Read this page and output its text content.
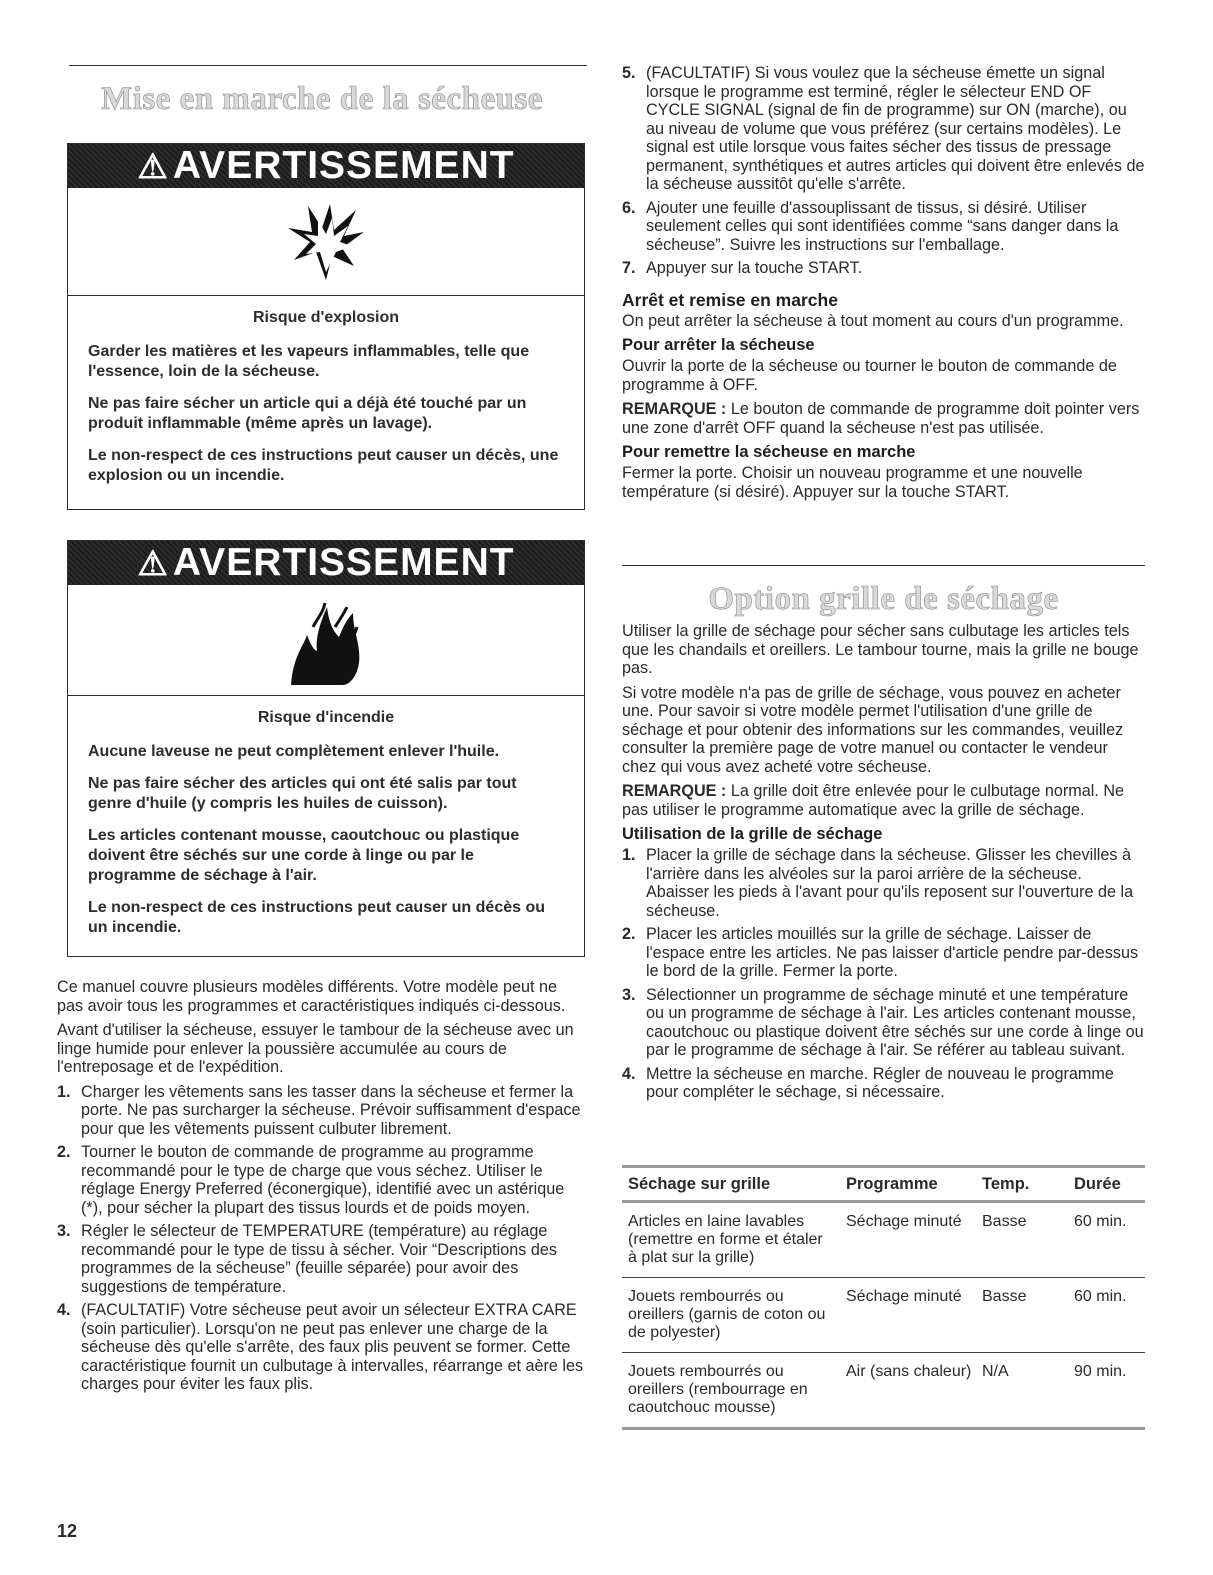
Mise en marche de la sécheuse
⚠ AVERTISSEMENT

Risque d'explosion

Garder les matières et les vapeurs inflammables, telle que l'essence, loin de la sécheuse.

Ne pas faire sécher un article qui a déjà été touché par un produit inflammable (même après un lavage).

Le non-respect de ces instructions peut causer un décès, une explosion ou un incendie.

⚠ AVERTISSEMENT

Risque d'incendie

Aucune laveuse ne peut complètement enlever l'huile.

Ne pas faire sécher des articles qui ont été salis par tout genre d'huile (y compris les huiles de cuisson).

Les articles contenant mousse, caoutchouc ou plastique doivent être séchés sur une corde à linge ou par le programme de séchage à l'air.

Le non-respect de ces instructions peut causer un décès ou un incendie.

Ce manuel couvre plusieurs modèles différents. Votre modèle peut ne pas avoir tous les programmes et caractéristiques indiqués ci-dessous.

Avant d'utiliser la sécheuse, essuyer le tambour de la sécheuse avec un linge humide pour enlever la poussière accumulée au cours de l'entreposage et de l'expédition.

1. Charger les vêtements sans les tasser dans la sécheuse et fermer la porte. Ne pas surcharger la sécheuse. Prévoir suffisamment d'espace pour que les vêtements puissent culbuter librement.
2. Tourner le bouton de commande de programme au programme recommandé pour le type de charge que vous séchez. Utiliser le réglage Energy Preferred (éconergique), identifié avec un astérique (*), pour sécher la plupart des tissus lourds et de poids moyen.
3. Régler le sélecteur de TEMPERATURE (température) au réglage recommandé pour le type de tissu à sécher. Voir “Descriptions des programmes de la sécheuse” (feuille séparée) pour avoir des suggestions de température.
4. (FACULTATIF) Votre sécheuse peut avoir un sélecteur EXTRA CARE (soin particulier). Lorsqu'on ne peut pas enlever une charge de la sécheuse dès qu'elle s'arrête, des faux plis peuvent se former. Cette caractéristique fournit un culbutage à intervalles, réarrange et aère les charges pour éviter les faux plis.
12
5. (FACULTATIF) Si vous voulez que la sécheuse émette un signal lorsque le programme est terminé, régler le sélecteur END OF CYCLE SIGNAL (signal de fin de programme) sur ON (marche), ou au niveau de volume que vous préférez (sur certains modèles). Le signal est utile lorsque vous faites sécher des tissus de pressage permanent, synthétiques et autres articles qui doivent être enlevés de la sécheuse aussitôt qu'elle s'arrête.
6. Ajouter une feuille d'assouplissant de tissus, si désiré. Utiliser seulement celles qui sont identifiées comme “sans danger dans la sécheuse”. Suivre les instructions sur l'emballage.
7. Appuyer sur la touche START.
Arrêt et remise en marche

On peut arrêter la sécheuse à tout moment au cours d'un programme.

Pour arrêter la sécheuse

Ouvrir la porte de la sécheuse ou tourner le bouton de commande de programme à OFF.

REMARQUE : Le bouton de commande de programme doit pointer vers une zone d'arrêt OFF quand la sécheuse n'est pas utilisée.

Pour remettre la sécheuse en marche

Fermer la porte. Choisir un nouveau programme et une nouvelle température (si désiré). Appuyer sur la touche START.

Option grille de séchage

Utiliser la grille de séchage pour sécher sans culbutage les articles tels que les chandails et oreillers. Le tambour tourne, mais la grille ne bouge pas.

Si votre modèle n'a pas de grille de séchage, vous pouvez en acheter une. Pour savoir si votre modèle permet l'utilisation d'une grille de séchage et pour obtenir des informations sur les commandes, veuillez consulter la première page de votre manuel ou contacter le vendeur chez qui vous avez acheté votre sécheuse.

REMARQUE : La grille doit être enlevée pour le culbutage normal. Ne pas utiliser le programme automatique avec la grille de séchage.

Utilisation de la grille de séchage
1. Placer la grille de séchage dans la sécheuse. Glisser les chevilles à l'arrière dans les alvéoles sur la paroi arrière de la sécheuse. Abaisser les pieds à l'avant pour qu'ils reposent sur l'ouverture de la sécheuse.
2. Placer les articles mouillés sur la grille de séchage. Laisser de l'espace entre les articles. Ne pas laisser d'article pendre par-dessus le bord de la grille. Fermer la porte.
3. Sélectionner un programme de séchage minuté et une température ou un programme de séchage à l'air. Les articles contenant mousse, caoutchouc ou plastique doivent être séchés sur une corde à linge ou par le programme de séchage à l'air. Se référer au tableau suivant.
4. Mettre la sécheuse en marche. Régler de nouveau le programme pour compléter le séchage, si nécessaire.
Séchage sur grille	Programme	Temp.	Durée
Articles en laine lavables (remettre en forme et étaler à plat sur la grille)	Séchage minuté	Basse	60 min.
Jouets rembourrés ou oreillers (garnis de coton ou de polyester)	Séchage minuté	Basse	60 min.
Jouets rembourrés ou oreillers (rembourrage en caoutchouc mousse)	Air (sans chaleur)	N/A	90 min.
